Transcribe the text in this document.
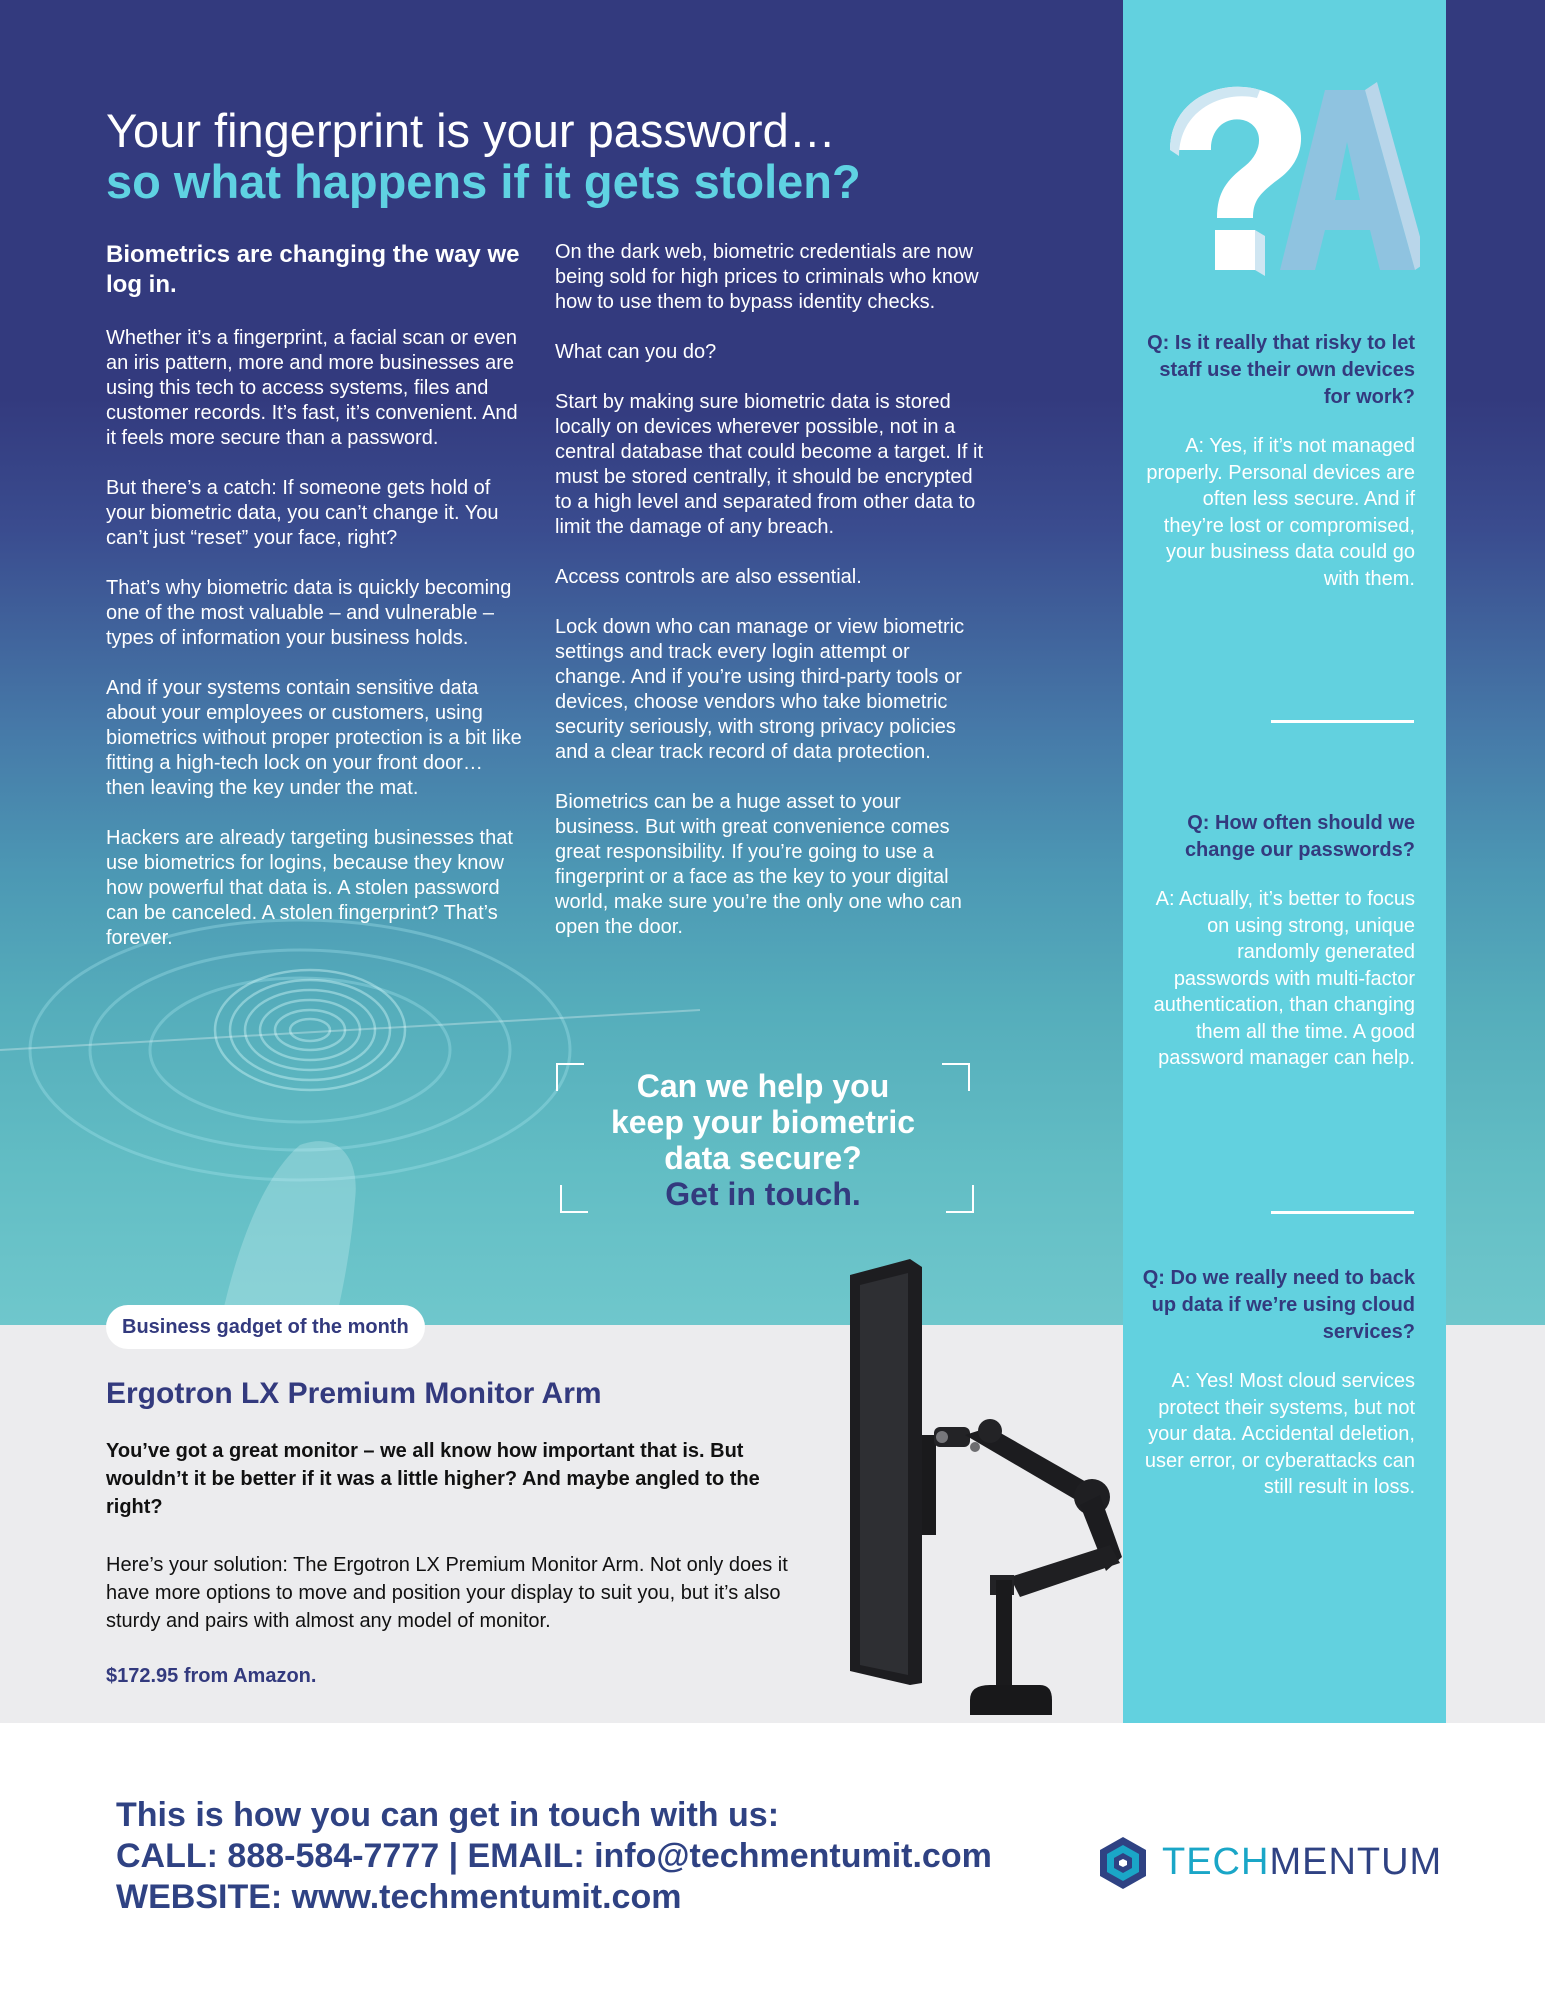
Your fingerprint is your password…
so what happens if it gets stolen?

Biometrics are changing the way we log in.

Whether it’s a fingerprint, a facial scan or even an iris pattern, more and more businesses are using this tech to access systems, files and customer records. It’s fast, it’s convenient. And it feels more secure than a password.

But there’s a catch: If someone gets hold of your biometric data, you can’t change it. You can’t just “reset” your face, right?

That’s why biometric data is quickly becoming one of the most valuable – and vulnerable – types of information your business holds.

And if your systems contain sensitive data about your employees or customers, using biometrics without proper protection is a bit like fitting a high-tech lock on your front door… then leaving the key under the mat.

Hackers are already targeting businesses that use biometrics for logins, because they know how powerful that data is. A stolen password can be canceled. A stolen fingerprint? That’s forever.

On the dark web, biometric credentials are now being sold for high prices to criminals who know how to use them to bypass identity checks.

What can you do?

Start by making sure biometric data is stored locally on devices wherever possible, not in a central database that could become a target. If it must be stored centrally, it should be encrypted to a high level and separated from other data to limit the damage of any breach.

Access controls are also essential.

Lock down who can manage or view biometric settings and track every login attempt or change. And if you’re using third-party tools or devices, choose vendors who take biometric security seriously, with strong privacy policies and a clear track record of data protection.

Biometrics can be a huge asset to your business. But with great convenience comes great responsibility. If you’re going to use a fingerprint or a face as the key to your digital world, make sure you’re the only one who can open the door.

Can we help you
keep your biometric
data secure?
Get in touch.
Business gadget of the month
Ergotron LX Premium Monitor Arm

You’ve got a great monitor – we all know how important that is. But wouldn’t it be better if it was a little higher? And maybe angled to the right?

Here’s your solution: The Ergotron LX Premium Monitor Arm. Not only does it have more options to move and position your display to suit you, but it’s also sturdy and pairs with almost any model of monitor.

$172.95 from Amazon.

Q: Is it really that risky to let staff use their own devices for work?

A: Yes, if it’s not managed properly. Personal devices are often less secure. And if they’re lost or compromised, your business data could go with them.

Q: How often should we change our passwords?

A: Actually, it’s better to focus on using strong, unique randomly generated passwords with multi-factor authentication, than changing them all the time. A good password manager can help.

Q: Do we really need to back up data if we’re using cloud services?

A: Yes! Most cloud services protect their systems, but not your data. Accidental deletion, user error, or cyberattacks can still result in loss.

This is how you can get in touch with us:
CALL: 888-584-7777 | EMAIL: info@techmentumit.com
WEBSITE: www.techmentumit.com
TECHMENTUM
